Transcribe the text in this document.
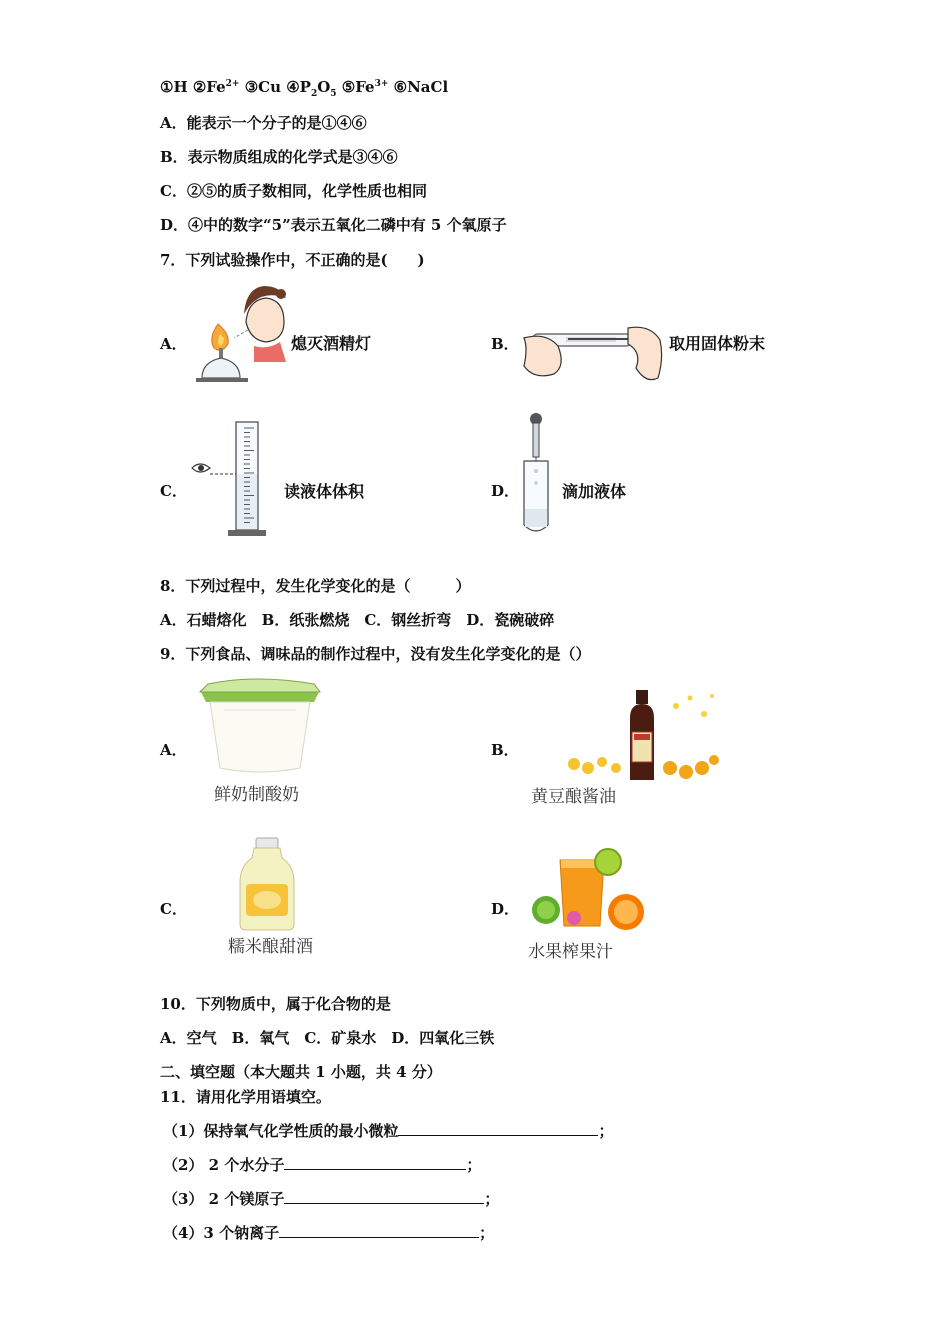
①H $②Fe^{2+}$ ③Cu $④P_2O_5$ $⑤Fe^{3+}$ ⑥NaCl
A．能表示一个分子的是①④⑥
B．表示物质组成的化学式是③④⑥
C．②⑤的质子数相同，化学性质也相同
D．④中的数字“5”表示五氧化二磷中有 5 个氧原子
7．下列试验操作中，不正确的是(　　)
A．	熄灭酒精灯	B．	取用固体粉末
C．	读液体体积	D．	滴加液体
8．下列过程中，发生化学变化的是（　　　）
A．石蜡熔化　B．纸张燃烧　C．钢丝折弯　D．瓷碗破碎
9．下列食品、调味品的制作过程中，没有发生化学变化的是（）
A．
鲜奶制酸奶
B．
黄豆酿酱油
C．
糯米酿甜酒
D．
水果榨果汁
10．下列物质中，属于化合物的是
A．空气　B．氧气　C．矿泉水　D．四氧化三铁
二、填空题（本大题共 1 小题，共 4 分）
11．请用化学用语填空。
（1）保持氧气化学性质的最小微粒	；
（2） 2 个水分子	；
（3） 2 个镁原子	；
（4）3 个钠离子	；
